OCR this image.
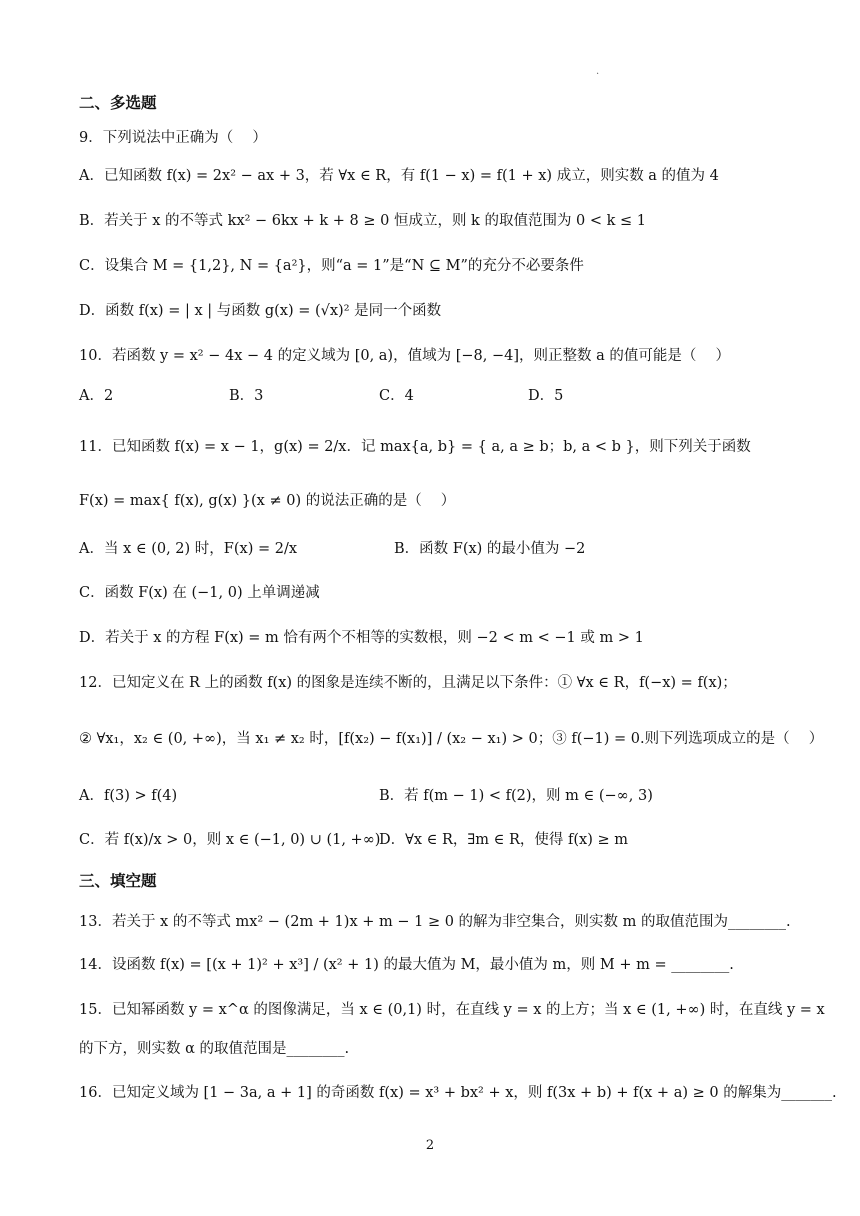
.
二、多选题
9．下列说法中正确为（　 ）
A．已知函数 f(x) = 2x² − ax + 3，若 ∀x ∈ R，有 f(1 − x) = f(1 + x) 成立，则实数 a 的值为 4
B．若关于 x 的不等式 kx² − 6kx + k + 8 ≥ 0 恒成立，则 k 的取值范围为 0 < k ≤ 1
C．设集合 M = {1,2}, N = {a²}，则“a = 1”是“N ⊆ M”的充分不必要条件
D．函数 f(x) = | x | 与函数 g(x) = (√x)² 是同一个函数
10．若函数 y = x² − 4x − 4 的定义域为 [0, a)，值域为 [−8, −4]，则正整数 a 的值可能是（　 ）
A．2	B．3	C．4	D．5
11．已知函数 f(x) = x − 1，g(x) = 2/x．记 max{a, b} = { a, a ≥ b；b, a < b }，则下列关于函数
F(x) = max{ f(x), g(x) }(x ≠ 0) 的说法正确的是（　 ）
A．当 x ∈ (0, 2) 时，F(x) = 2/x	B．函数 F(x) 的最小值为 −2
C．函数 F(x) 在 (−1, 0) 上单调递减
D．若关于 x 的方程 F(x) = m 恰有两个不相等的实数根，则 −2 < m < −1 或 m > 1
12．已知定义在 R 上的函数 f(x) 的图象是连续不断的，且满足以下条件：① ∀x ∈ R，f(−x) = f(x)；
② ∀x₁，x₂ ∈ (0, +∞)，当 x₁ ≠ x₂ 时，[f(x₂) − f(x₁)] / (x₂ − x₁) > 0；③ f(−1) = 0.则下列选项成立的是（　 ）
A．f(3) > f(4)	B．若 f(m − 1) < f(2)，则 m ∈ (−∞, 3)
C．若 f(x)/x > 0，则 x ∈ (−1, 0) ∪ (1, +∞)
D．∀x ∈ R，∃m ∈ R，使得 f(x) ≥ m
三、填空题
13．若关于 x 的不等式 mx² − (2m + 1)x + m − 1 ≥ 0 的解为非空集合，则实数 m 的取值范围为________.
14．设函数 f(x) = [(x + 1)² + x³] / (x² + 1) 的最大值为 M，最小值为 m，则 M + m = ________.
15．已知幂函数 y = x^α 的图像满足，当 x ∈ (0,1) 时，在直线 y = x 的上方；当 x ∈ (1, +∞) 时，在直线 y = x
的下方，则实数 α 的取值范围是________.
16．已知定义域为 [1 − 3a, a + 1] 的奇函数 f(x) = x³ + bx² + x，则 f(3x + b) + f(x + a) ≥ 0 的解集为_______.
2
